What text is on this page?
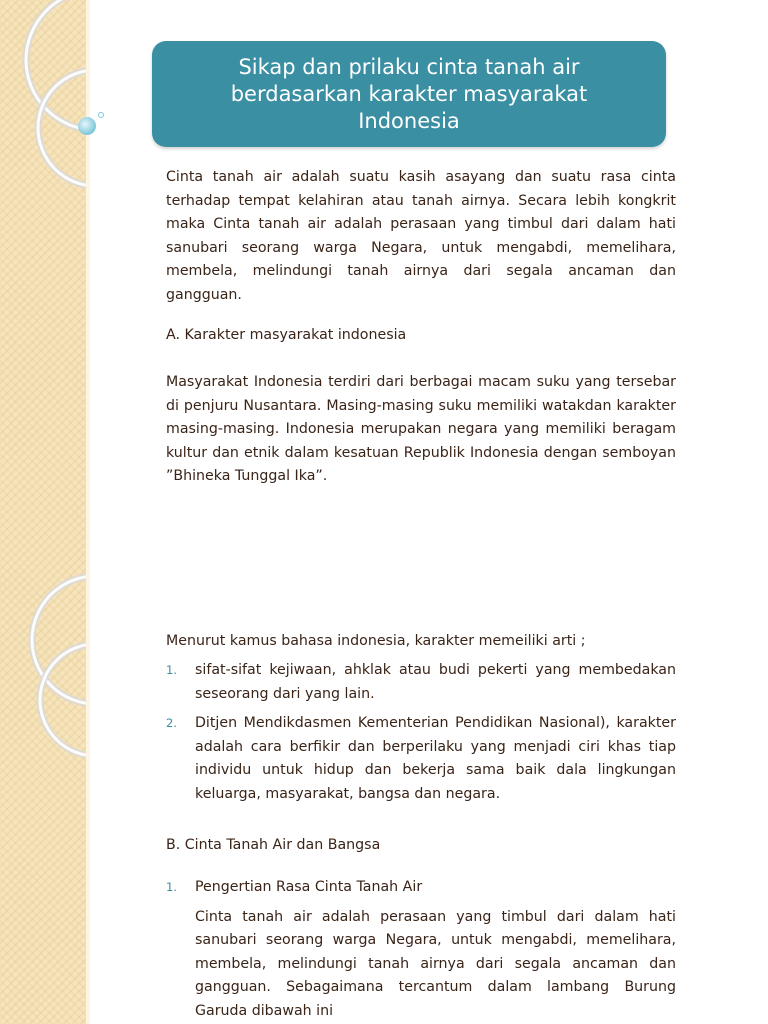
Sikap dan prilaku cinta tanah air berdasarkan karakter masyarakat Indonesia

Cinta tanah air adalah suatu kasih asayang dan suatu rasa cinta terhadap tempat kelahiran atau tanah airnya. Secara lebih kongkrit maka Cinta tanah air adalah perasaan yang timbul dari dalam hati sanubari seorang warga Negara, untuk mengabdi, memelihara, membela, melindungi tanah airnya dari segala ancaman dan gangguan.

A. Karakter masyarakat indonesia

Masyarakat Indonesia terdiri dari berbagai macam suku yang tersebar di penjuru Nusantara. Masing-masing suku memiliki watakdan karakter masing-masing. Indonesia merupakan negara yang memiliki beragam kultur dan etnik dalam kesatuan Republik Indonesia dengan semboyan ”Bhineka Tunggal Ika”.

Menurut kamus bahasa indonesia, karakter memeiliki arti ;

1. sifat-sifat kejiwaan, ahklak atau budi pekerti yang membedakan seseorang dari yang lain.
2. Ditjen Mendikdasmen Kementerian Pendidikan Nasional), karakter adalah cara berfikir dan berperilaku yang menjadi ciri khas tiap individu untuk hidup dan bekerja sama baik dala lingkungan keluarga, masyarakat, bangsa dan negara.

B. Cinta Tanah Air dan Bangsa

1. Pengertian Rasa Cinta Tanah Air
Cinta tanah air adalah perasaan yang timbul dari dalam hati sanubari seorang warga Negara, untuk mengabdi, memelihara, membela, melindungi tanah airnya dari segala ancaman dan gangguan. Sebagaimana tercantum dalam lambang Burung Garuda dibawah ini
